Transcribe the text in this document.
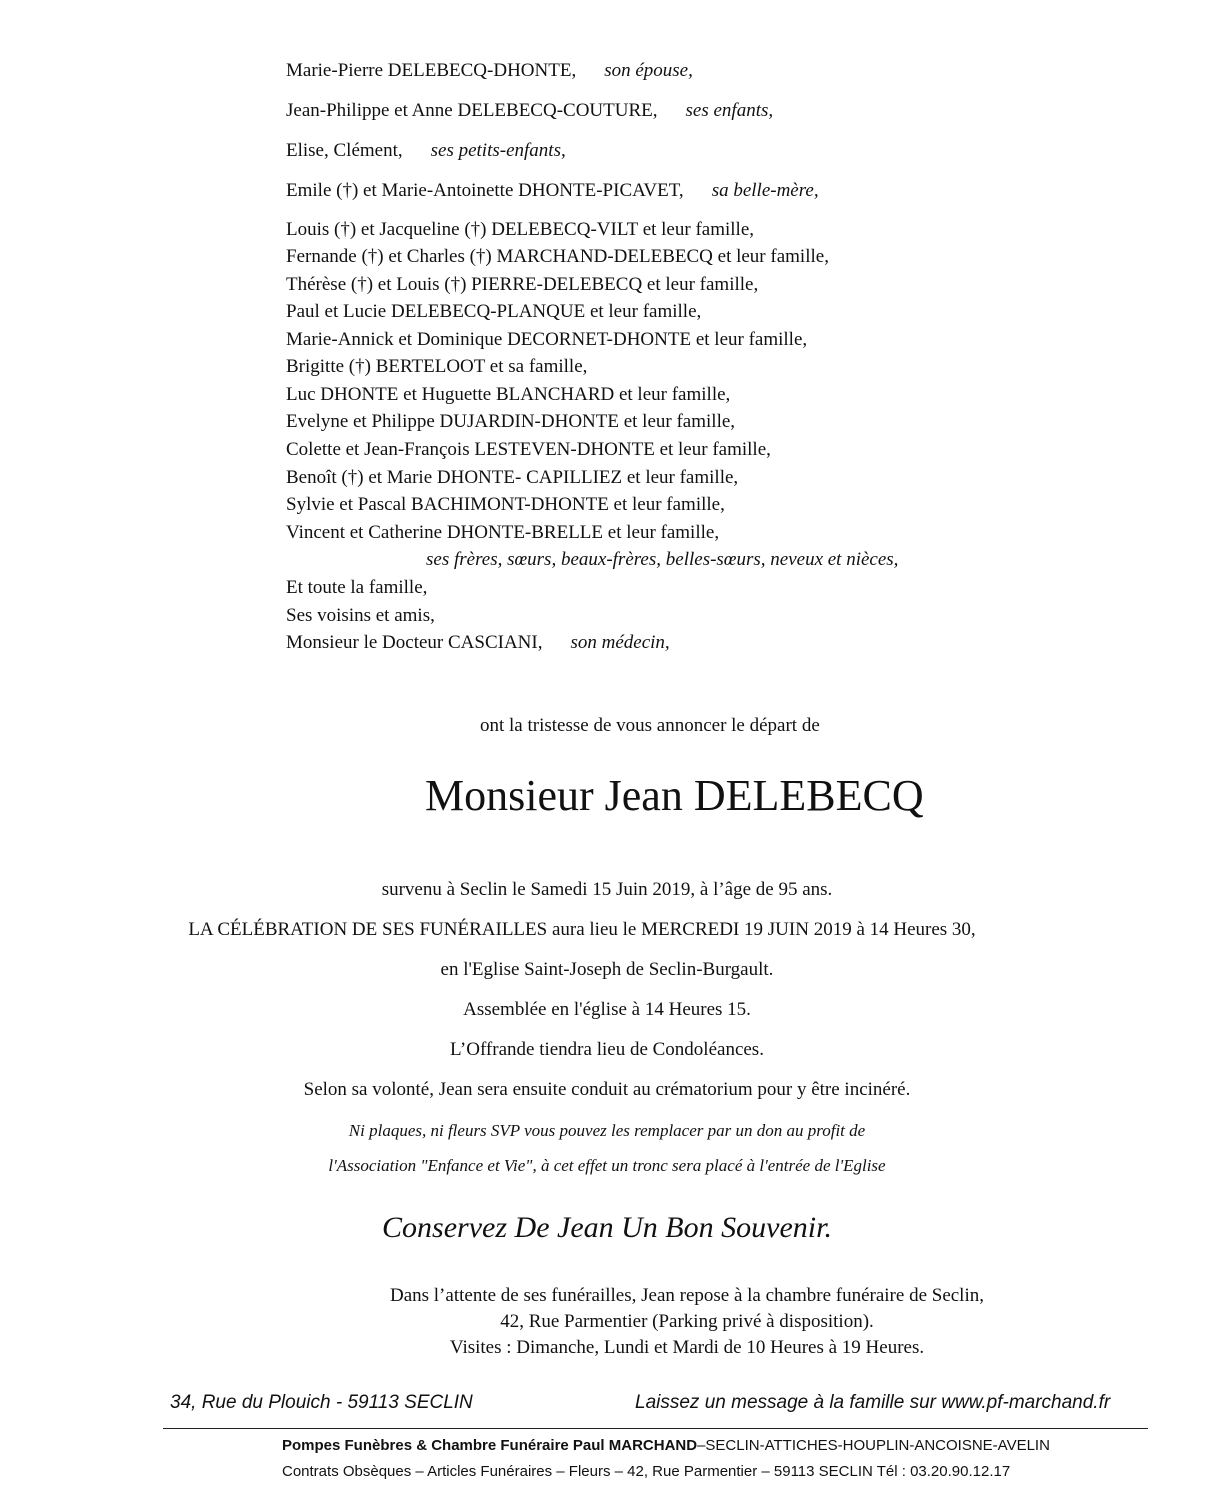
Marie-Pierre DELEBECQ-DHONTE, son épouse,
Jean-Philippe et Anne DELEBECQ-COUTURE, ses enfants,
Elise, Clément, ses petits-enfants,
Emile (†) et Marie-Antoinette DHONTE-PICAVET, sa belle-mère,
Louis (†) et Jacqueline (†) DELEBECQ-VILT et leur famille,
Fernande (†) et Charles (†) MARCHAND-DELEBECQ et leur famille,
Thérèse (†) et Louis (†) PIERRE-DELEBECQ et leur famille,
Paul et Lucie DELEBECQ-PLANQUE et leur famille,
Marie-Annick et Dominique DECORNET-DHONTE et leur famille,
Brigitte (†) BERTELOOT et sa famille,
Luc DHONTE et Huguette BLANCHARD et leur famille,
Evelyne et Philippe DUJARDIN-DHONTE et leur famille,
Colette et Jean-François LESTEVEN-DHONTE et leur famille,
Benoît (†) et Marie DHONTE- CAPILLIEZ et leur famille,
Sylvie et Pascal BACHIMONT-DHONTE et leur famille,
Vincent et Catherine DHONTE-BRELLE et leur famille,
ses frères, sœurs, beaux-frères, belles-sœurs, neveux et nièces,
Et toute la famille,
Ses voisins et amis,
Monsieur le Docteur CASCIANI, son médecin,
ont la tristesse de vous annoncer le départ de
Monsieur Jean DELEBECQ
survenu à Seclin le Samedi 15 Juin 2019, à l’âge de 95 ans.
LA CÉLÉBRATION DE SES FUNÉRAILLES aura lieu le MERCREDI 19 JUIN 2019 à 14 Heures 30,
en l'Eglise Saint-Joseph de Seclin-Burgault.
Assemblée en l'église à 14 Heures 15.
L’Offrande tiendra lieu de Condoléances.
Selon sa volonté, Jean sera ensuite conduit au crématorium pour y être inciné​ré.
Ni plaques, ni fleurs SVP vous pouvez les remplacer par un don au profit de
l'Association "Enfance et Vie", à cet effet un tronc sera placé à l'entrée de l'Eglise
Conservez De Jean Un Bon Souvenir.
Dans l’attente de ses funérailles, Jean repose à la chambre funéraire de Seclin,
42, Rue Parmentier (Parking privé à disposition).
Visites : Dimanche, Lundi et Mardi de 10 Heures à 19 Heures.
34, Rue du Plouich - 59113 SECLIN	Laissez un message à la famille sur www.pf-marchand.fr
Pompes Funèbres & Chambre Funéraire Paul MARCHAND–SECLIN-ATTICHES-HOUPLIN-ANCOISNE-AVELIN
Contrats Obsèques – Articles Funéraires – Fleurs – 42, Rue Parmentier – 59113 SECLIN Tél : 03.20.90.12.17
